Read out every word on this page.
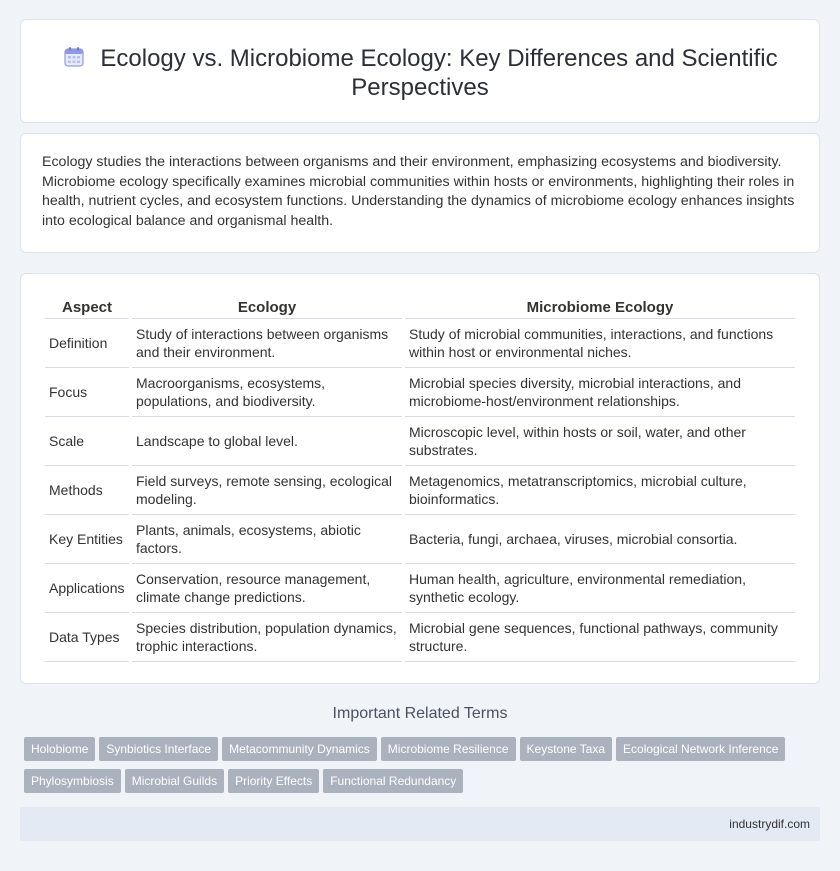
Ecology vs. Microbiome Ecology: Key Differences and Scientific Perspectives

Ecology studies the interactions between organisms and their environment, emphasizing ecosystems and biodiversity. Microbiome ecology specifically examines microbial communities within hosts or environments, highlighting their roles in health, nutrient cycles, and ecosystem functions. Understanding the dynamics of microbiome ecology enhances insights into ecological balance and organismal health.

Aspect	Ecology	Microbiome Ecology
Definition	Study of interactions between organisms and their environment.	Study of microbial communities, interactions, and functions within host or environmental niches.
Focus	Macroorganisms, ecosystems, populations, and biodiversity.	Microbial species diversity, microbial interactions, and microbiome-host/environment relationships.
Scale	Landscape to global level.	Microscopic level, within hosts or soil, water, and other substrates.
Methods	Field surveys, remote sensing, ecological modeling.	Metagenomics, metatranscriptomics, microbial culture, bioinformatics.
Key Entities	Plants, animals, ecosystems, abiotic factors.	Bacteria, fungi, archaea, viruses, microbial consortia.
Applications	Conservation, resource management, climate change predictions.	Human health, agriculture, environmental remediation, synthetic ecology.
Data Types	Species distribution, population dynamics, trophic interactions.	Microbial gene sequences, functional pathways, community structure.
Important Related Terms
Holobiome Synbiotics Interface Metacommunity Dynamics Microbiome Resilience Keystone Taxa Ecological Network Inference
Phylosymbiosis Microbial Guilds Priority Effects Functional Redundancy
industrydif.com
